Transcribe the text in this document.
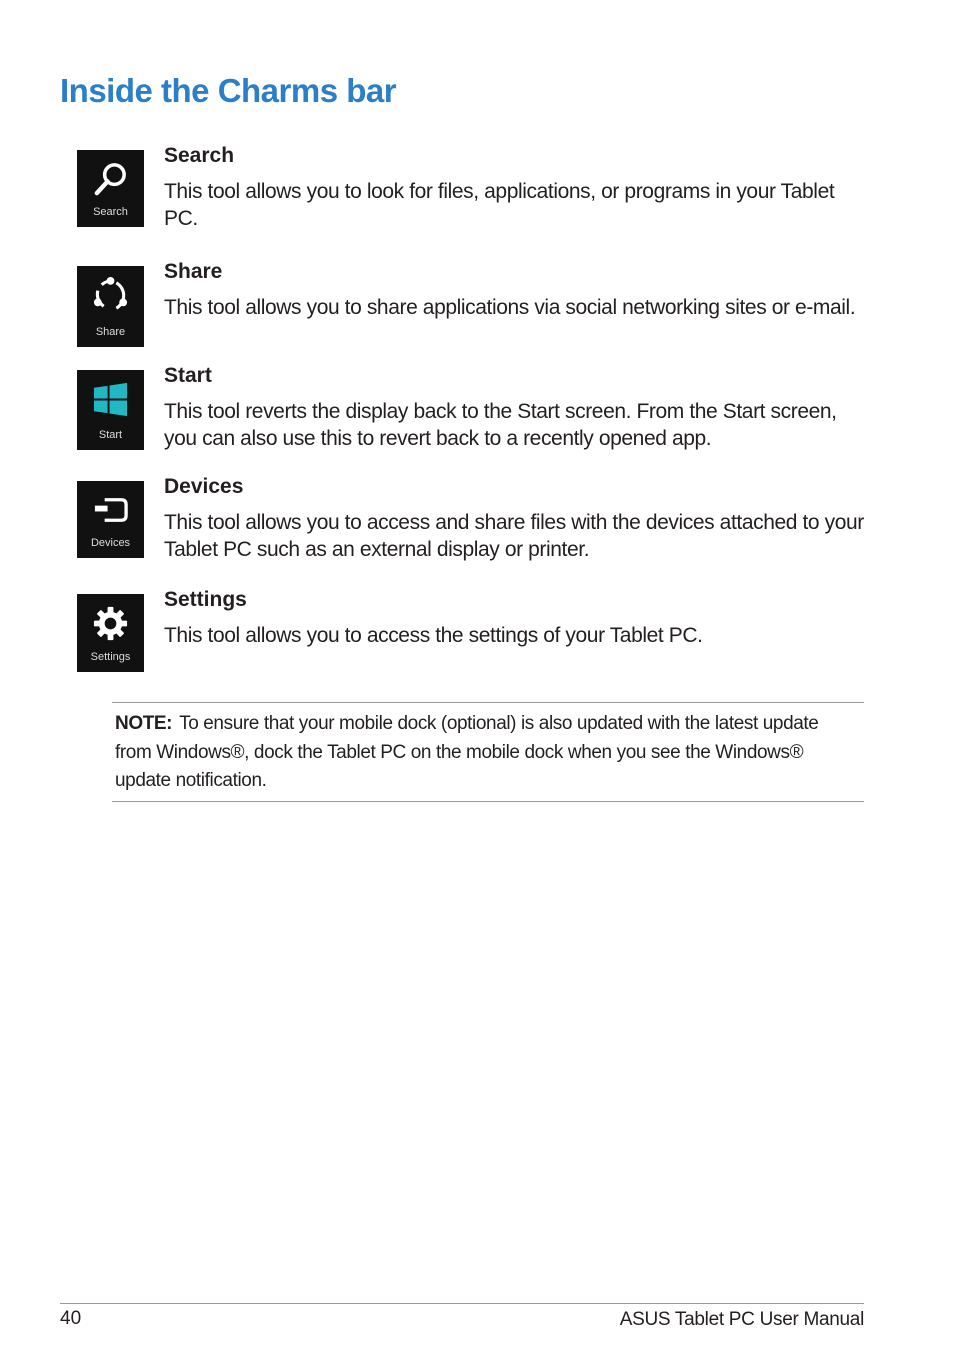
Inside the Charms bar
Search

Search

This tool allows you to look for files, applications, or programs in your Tablet PC.

Share

Share

This tool allows you to share applications via social networking sites or e-mail.

Start

Start

This tool reverts the display back to the Start screen. From the Start screen, you can also use this to revert back to a recently opened app.

Devices

Devices

This tool allows you to access and share files with the devices attached to your Tablet PC such as an external display or printer.

Settings

Settings

This tool allows you to access the settings of your Tablet PC.

NOTE: To ensure that your mobile dock (optional) is also updated with the latest update from Windows®, dock the Tablet PC on the mobile dock when you see the Windows® update notification.

40	ASUS Tablet PC User Manual
